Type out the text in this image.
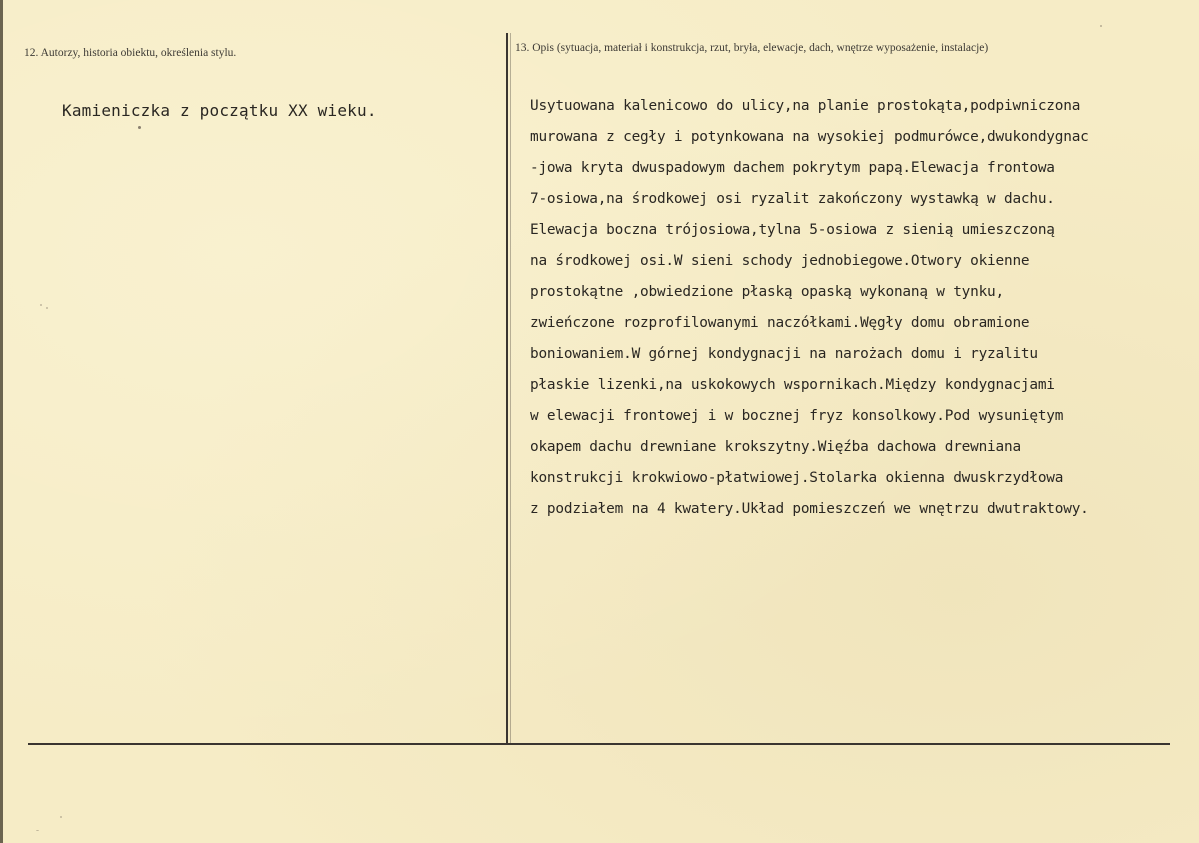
12. Autorzy, historia obiektu, określenia stylu.
Kamieniczka z początku XX wieku.
13. Opis (sytuacja, materiał i konstrukcja, rzut, bryła, elewacje, dach, wnętrze wyposażenie, instalacje)
Usytuowana kalenicowo do ulicy,na planie prostokąta,podpiwniczona
murowana z cegły i potynkowana na wysokiej podmurówce,dwukondygnac
-jowa kryta dwuspadowym dachem pokrytym papą.Elewacja frontowa
7-osiowa,na środkowej osi ryzalit zakończony wystawką w dachu.
Elewacja boczna trójosiowa,tylna 5-osiowa z sienią umieszczoną
na środkowej osi.W sieni schody jednobiegowe.Otwory okienne
prostokątne ,obwiedzione płaską opaską wykonaną w tynku,
zwieńczone rozprofilowanymi naczółkami.Węgły domu obramione
boniowaniem.W górnej kondygnacji na narożach domu i ryzalitu
płaskie lizenki,na uskokowych wspornikach.Między kondygnacjami
w elewacji frontowej i w bocznej fryz konsolkowy.Pod wysuniętym
okapem dachu drewniane krokszytny.Więźba dachowa drewniana
konstrukcji krokwiowo-płatwiowej.Stolarka okienna dwuskrzydłowa
z podziałem na 4 kwatery.Układ pomieszczeń we wnętrzu dwutraktowy.
